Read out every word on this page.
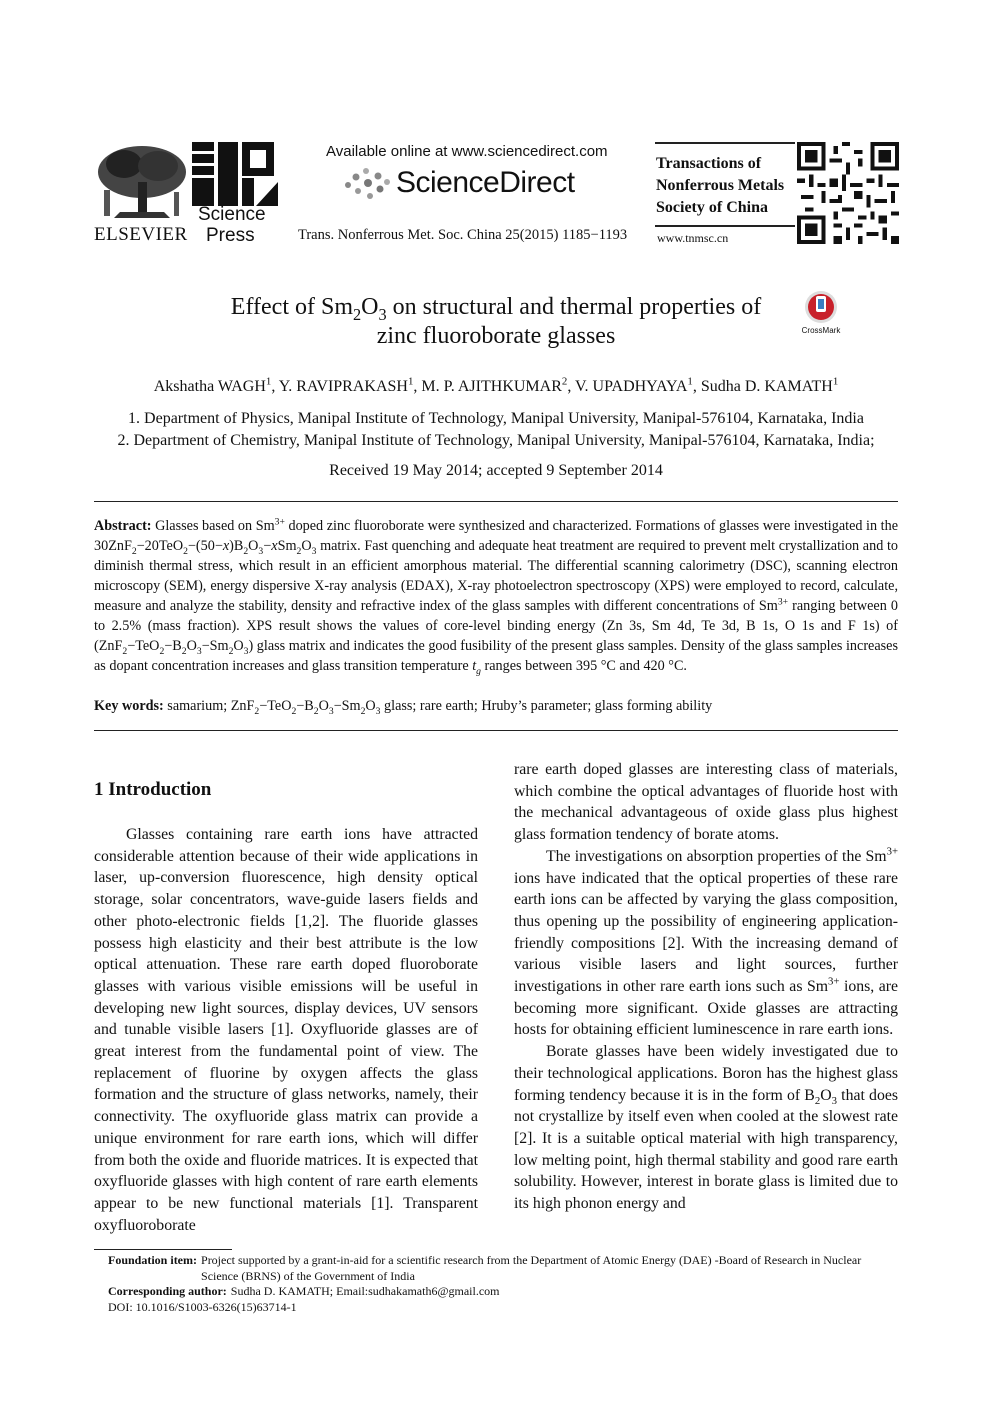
ELSEVIER
Science
Press
Available online at www.sciencedirect.com
ScienceDirect
Trans. Nonferrous Met. Soc. China 25(2015) 1185−1193
Transactions of
Nonferrous Metals
Society of China
www.tnmsc.cn
Effect of $Sm_2O_3$ on structural and thermal properties of
zinc fluoroborate glasses	CrossMark
Akshatha WAGH$^1$, Y. RAVIPRAKASH$^1$, M. P. AJITHKUMAR$^2$, V. UPADHYAYA$^1$, Sudha D. KAMATH$^1$
1. Department of Physics, Manipal Institute of Technology, Manipal University, Manipal-576104, Karnataka, India
2. Department of Chemistry, Manipal Institute of Technology, Manipal University, Manipal-576104, Karnataka, India;
Received 19 May 2014; accepted 9 September 2014
Abstract: Glasses based on $Sm^{3+}$ doped zinc fluoroborate were synthesized and characterized. Formations of glasses were investigated in the $30ZnF_2-20TeO_2-(50-x)B_2O_3-xSm_2O_3$ matrix. Fast quenching and adequate heat treatment are required to prevent melt crystallization and to diminish thermal stress, which result in an efficient amorphous material. The differential scanning calorimetry (DSC), scanning electron microscopy (SEM), energy dispersive X-ray analysis (EDAX), X-ray photoelectron spectroscopy (XPS) were employed to record, calculate, measure and analyze the stability, density and refractive index of the glass samples with different concentrations of $Sm^{3+}$ ranging between 0 to 2.5% (mass fraction). XPS result shows the values of core-level binding energy (Zn 3s, Sm 4d, Te 3d, B 1s, O 1s and F 1s) of $(ZnF_2-TeO_2-B_2O_3-Sm_2O_3)$ glass matrix and indicates the good fusibility of the present glass samples. Density of the glass samples increases as dopant concentration increases and glass transition temperature $t_g$ ranges between 395 °C and 420 °C.
Key words: samarium; $ZnF_2-TeO_2-B_2O_3-Sm_2O_3$ glass; rare earth; Hruby’s parameter; glass forming ability
1 Introduction

Glasses containing rare earth ions have attracted considerable attention because of their wide applications in laser, up-conversion fluorescence, high density optical storage, solar concentrators, wave-guide lasers fields and other photo-electronic fields [1,2]. The fluoride glasses possess high elasticity and their best attribute is the low optical attenuation. These rare earth doped fluoroborate glasses with various visible emissions will be useful in developing new light sources, display devices, UV sensors and tunable visible lasers [1]. Oxyfluoride glasses are of great interest from the fundamental point of view. The replacement of fluorine by oxygen affects the glass formation and the structure of glass networks, namely, their connectivity. The oxyfluoride glass matrix can provide a unique environment for rare earth ions, which will differ from both the oxide and fluoride matrices. It is expected that oxyfluoride glasses with high content of rare earth elements appear to be new functional materials [1]. Transparent oxyfluoroborate

rare earth doped glasses are interesting class of materials, which combine the optical advantages of fluoride host with the mechanical advantageous of oxide glass plus highest glass formation tendency of borate atoms.

The investigations on absorption properties of the $Sm^{3+}$ ions have indicated that the optical properties of these rare earth ions can be affected by varying the glass composition, thus opening up the possibility of engineering application-friendly compositions [2]. With the increasing demand of various visible lasers and light sources, further investigations in other rare earth ions such as $Sm^{3+}$ ions, are becoming more significant. Oxide glasses are attracting hosts for obtaining efficient luminescence in rare earth ions.

Borate glasses have been widely investigated due to their technological applications. Boron has the highest glass forming tendency because it is in the form of $B_2O_3$ that does not crystallize by itself even when cooled at the slowest rate [2]. It is a suitable optical material with high transparency, low melting point, high thermal stability and good rare earth solubility. However, interest in borate glass is limited due to its high phonon energy and

Foundation item: Project supported by a grant-in-aid for a scientific research from the Department of Atomic Energy (DAE) -Board of Research in Nuclear Science (BRNS) of the Government of India
Corresponding author: Sudha D. KAMATH; Email:sudhakamath6@gmail.com
DOI: 10.1016/S1003-6326(15)63714-1
